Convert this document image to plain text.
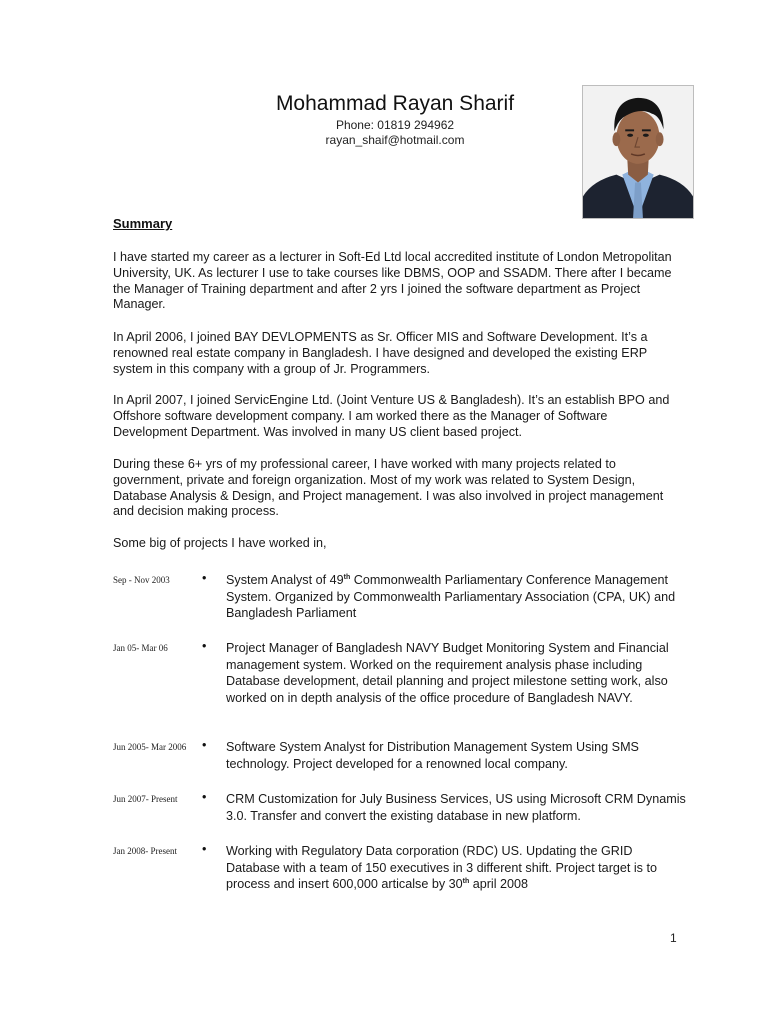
Mohammad Rayan Sharif
Phone: 01819 294962
rayan_shaif@hotmail.com
Summary

I have started my career as a lecturer in Soft-Ed Ltd local accredited institute of London Metropolitan University, UK. As lecturer I use to take courses like DBMS, OOP and SSADM. There after I became the Manager of Training department and after 2 yrs I joined the software department as Project Manager.

In April 2006, I joined BAY DEVLOPMENTS as Sr. Officer MIS and Software Development. It’s a renowned real estate company in Bangladesh. I have designed and developed the existing ERP system in this company with a group of Jr. Programmers.

In April 2007, I joined ServicEngine Ltd. (Joint Venture US & Bangladesh). It’s an establish BPO and Offshore software development company. I am worked there as the Manager of Software Development Department. Was involved in many US client based project.

During these 6+ yrs of my professional career, I have worked with many projects related to government, private and foreign organization. Most of my work was related to System Design, Database Analysis & Design, and Project management. I was also involved in project management and decision making process.

Some big of projects I have worked in,

Sep - Nov 2003	• System Analyst of 49th Commonwealth Parliamentary Conference Management System. Organized by Commonwealth Parliamentary Association (CPA, UK) and Bangladesh Parliament

Jan 05- Mar 06	• Project Manager of Bangladesh NAVY Budget Monitoring System and Financial management system. Worked on the requirement analysis phase including Database development, detail planning and project milestone setting work, also worked on in depth analysis of the office procedure of Bangladesh NAVY.

Jun 2005- Mar 2006 • Software System Analyst for Distribution Management System Using SMS technology. Project developed for a renowned local company.

Jun 2007- Present • CRM Customization for July Business Services, US using Microsoft CRM Dynamis 3.0. Transfer and convert the existing database in new platform.

Jan 2008- Present • Working with Regulatory Data corporation (RDC) US. Updating the GRID Database with a team of 150 executives in 3 different shift. Project target is to process and insert 600,000 articalse by 30th april 2008

1
